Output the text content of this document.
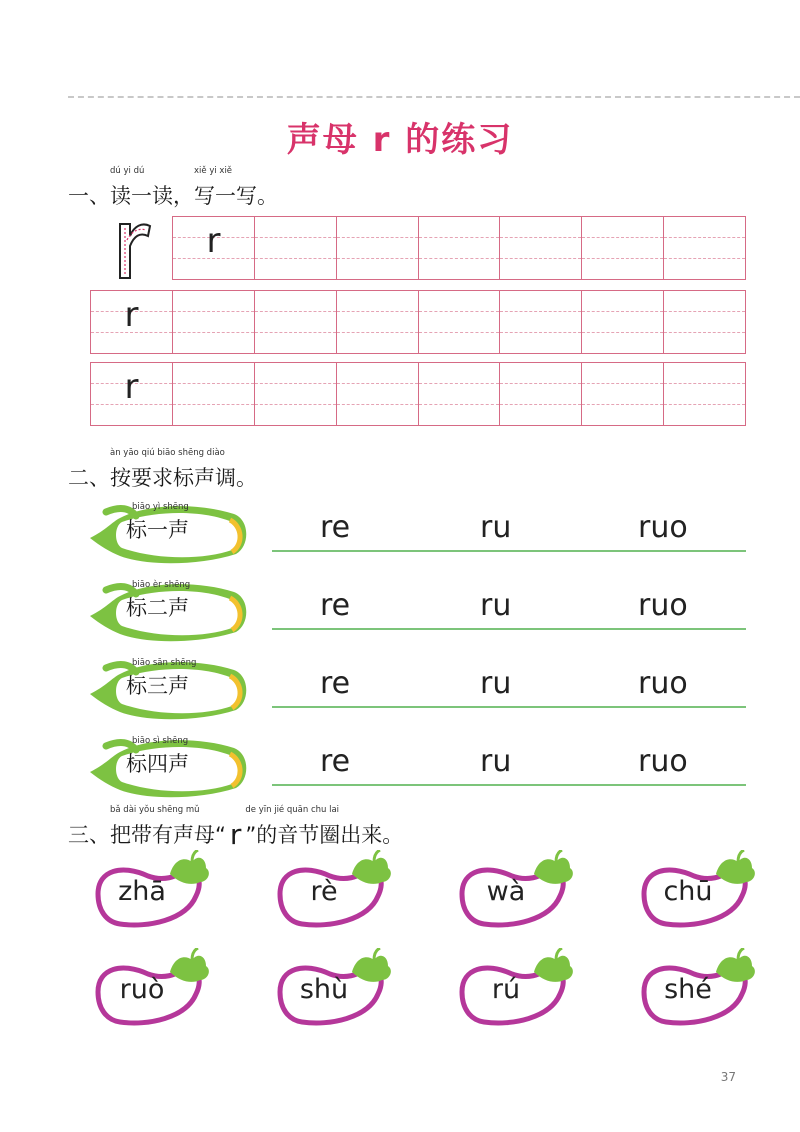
声母 r 的练习
一、
dú yi dú
读一读，
xiě yi xiě
写一写。
r
r
r
二、
àn yāo qiú biāo shēng diào
按要求标声调。
biāo yì shēng
标一声	re	ru	ruo
biāo èr shēng
标二声	re	ru	ruo
biāo sān shēng
标三声	re	ru	ruo
biāo sì shēng
标四声	re	ru	ruo
三、
bǎ dài yǒu shēng mǔ
把带有声母“ r
de yīn jié quān chu lai
”的音节圈出来。
zhā	rè	wà	chū
ruò	shù	rú	shé
37
